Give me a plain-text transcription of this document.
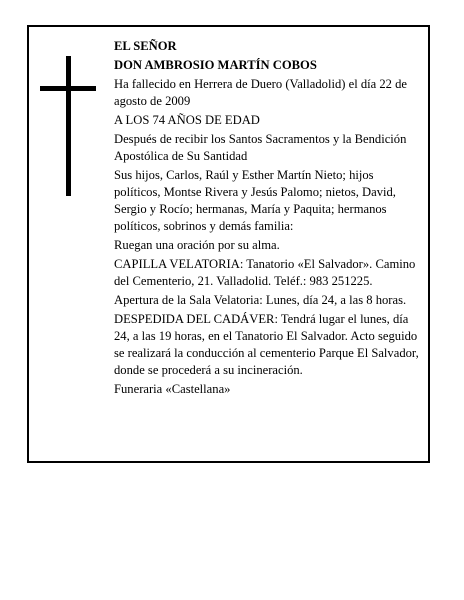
EL SEÑOR

DON AMBROSIO MARTÍN COBOS

Ha fallecido en Herrera de Duero (Valladolid) el día 22 de agosto de 2009

A LOS 74 AÑOS DE EDAD

Después de recibir los Santos Sacramentos y la Bendición Apostólica de Su Santidad

Sus hijos, Carlos, Raúl y Esther Martín Nieto; hijos políticos, Montse Rivera y Jesús Palomo; nietos, David, Sergio y Rocío; hermanas, María y Paquita; hermanos políticos, sobrinos y demás familia:

Ruegan una oración por su alma.

CAPILLA VELATORIA: Tanatorio «El Salvador». Camino del Cementerio, 21. Valladolid. Teléf.: 983 251225.

Apertura de la Sala Velatoria: Lunes, día 24, a las 8 horas.

DESPEDIDA DEL CADÁVER: Tendrá lugar el lunes, día 24, a las 19 horas, en el Tanatorio El Salvador. Acto seguido se realizará la conducción al cementerio Parque El Salvador, donde se procederá a su incineración.

Funeraria «Castellana»
